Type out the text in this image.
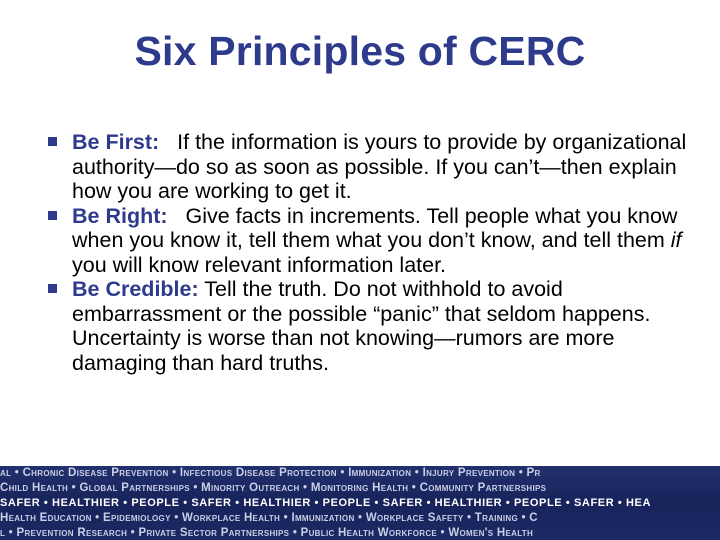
Six Principles of CERC
Be First: If the information is yours to provide by organizational authority—do so as soon as possible. If you can’t—then explain how you are working to get it.
Be Right: Give facts in increments. Tell people what you know when you know it, tell them what you don’t know, and tell them if you will know relevant information later.
Be Credible: Tell the truth. Do not withhold to avoid embarrassment or the possible “panic” that seldom happens. Uncertainty is worse than not knowing—rumors are more damaging than hard truths.
al • Chronic Disease Prevention • Infectious Disease Protection • Immunization • Injury Prevention • Pr
Child Health • Global Partnerships • Minority Outreach • Monitoring Health • Community Partnerships
SAFER • HEALTHIER • PEOPLE • SAFER • HEALTHIER • PEOPLE • SAFER • HEALTHIER • PEOPLE • SAFER • HEA
Health Education • Epidemiology • Workplace Health • Immunization • Workplace Safety • Training • C
l • Prevention Research • Private Sector Partnerships • Public Health Workforce • Women's Health
